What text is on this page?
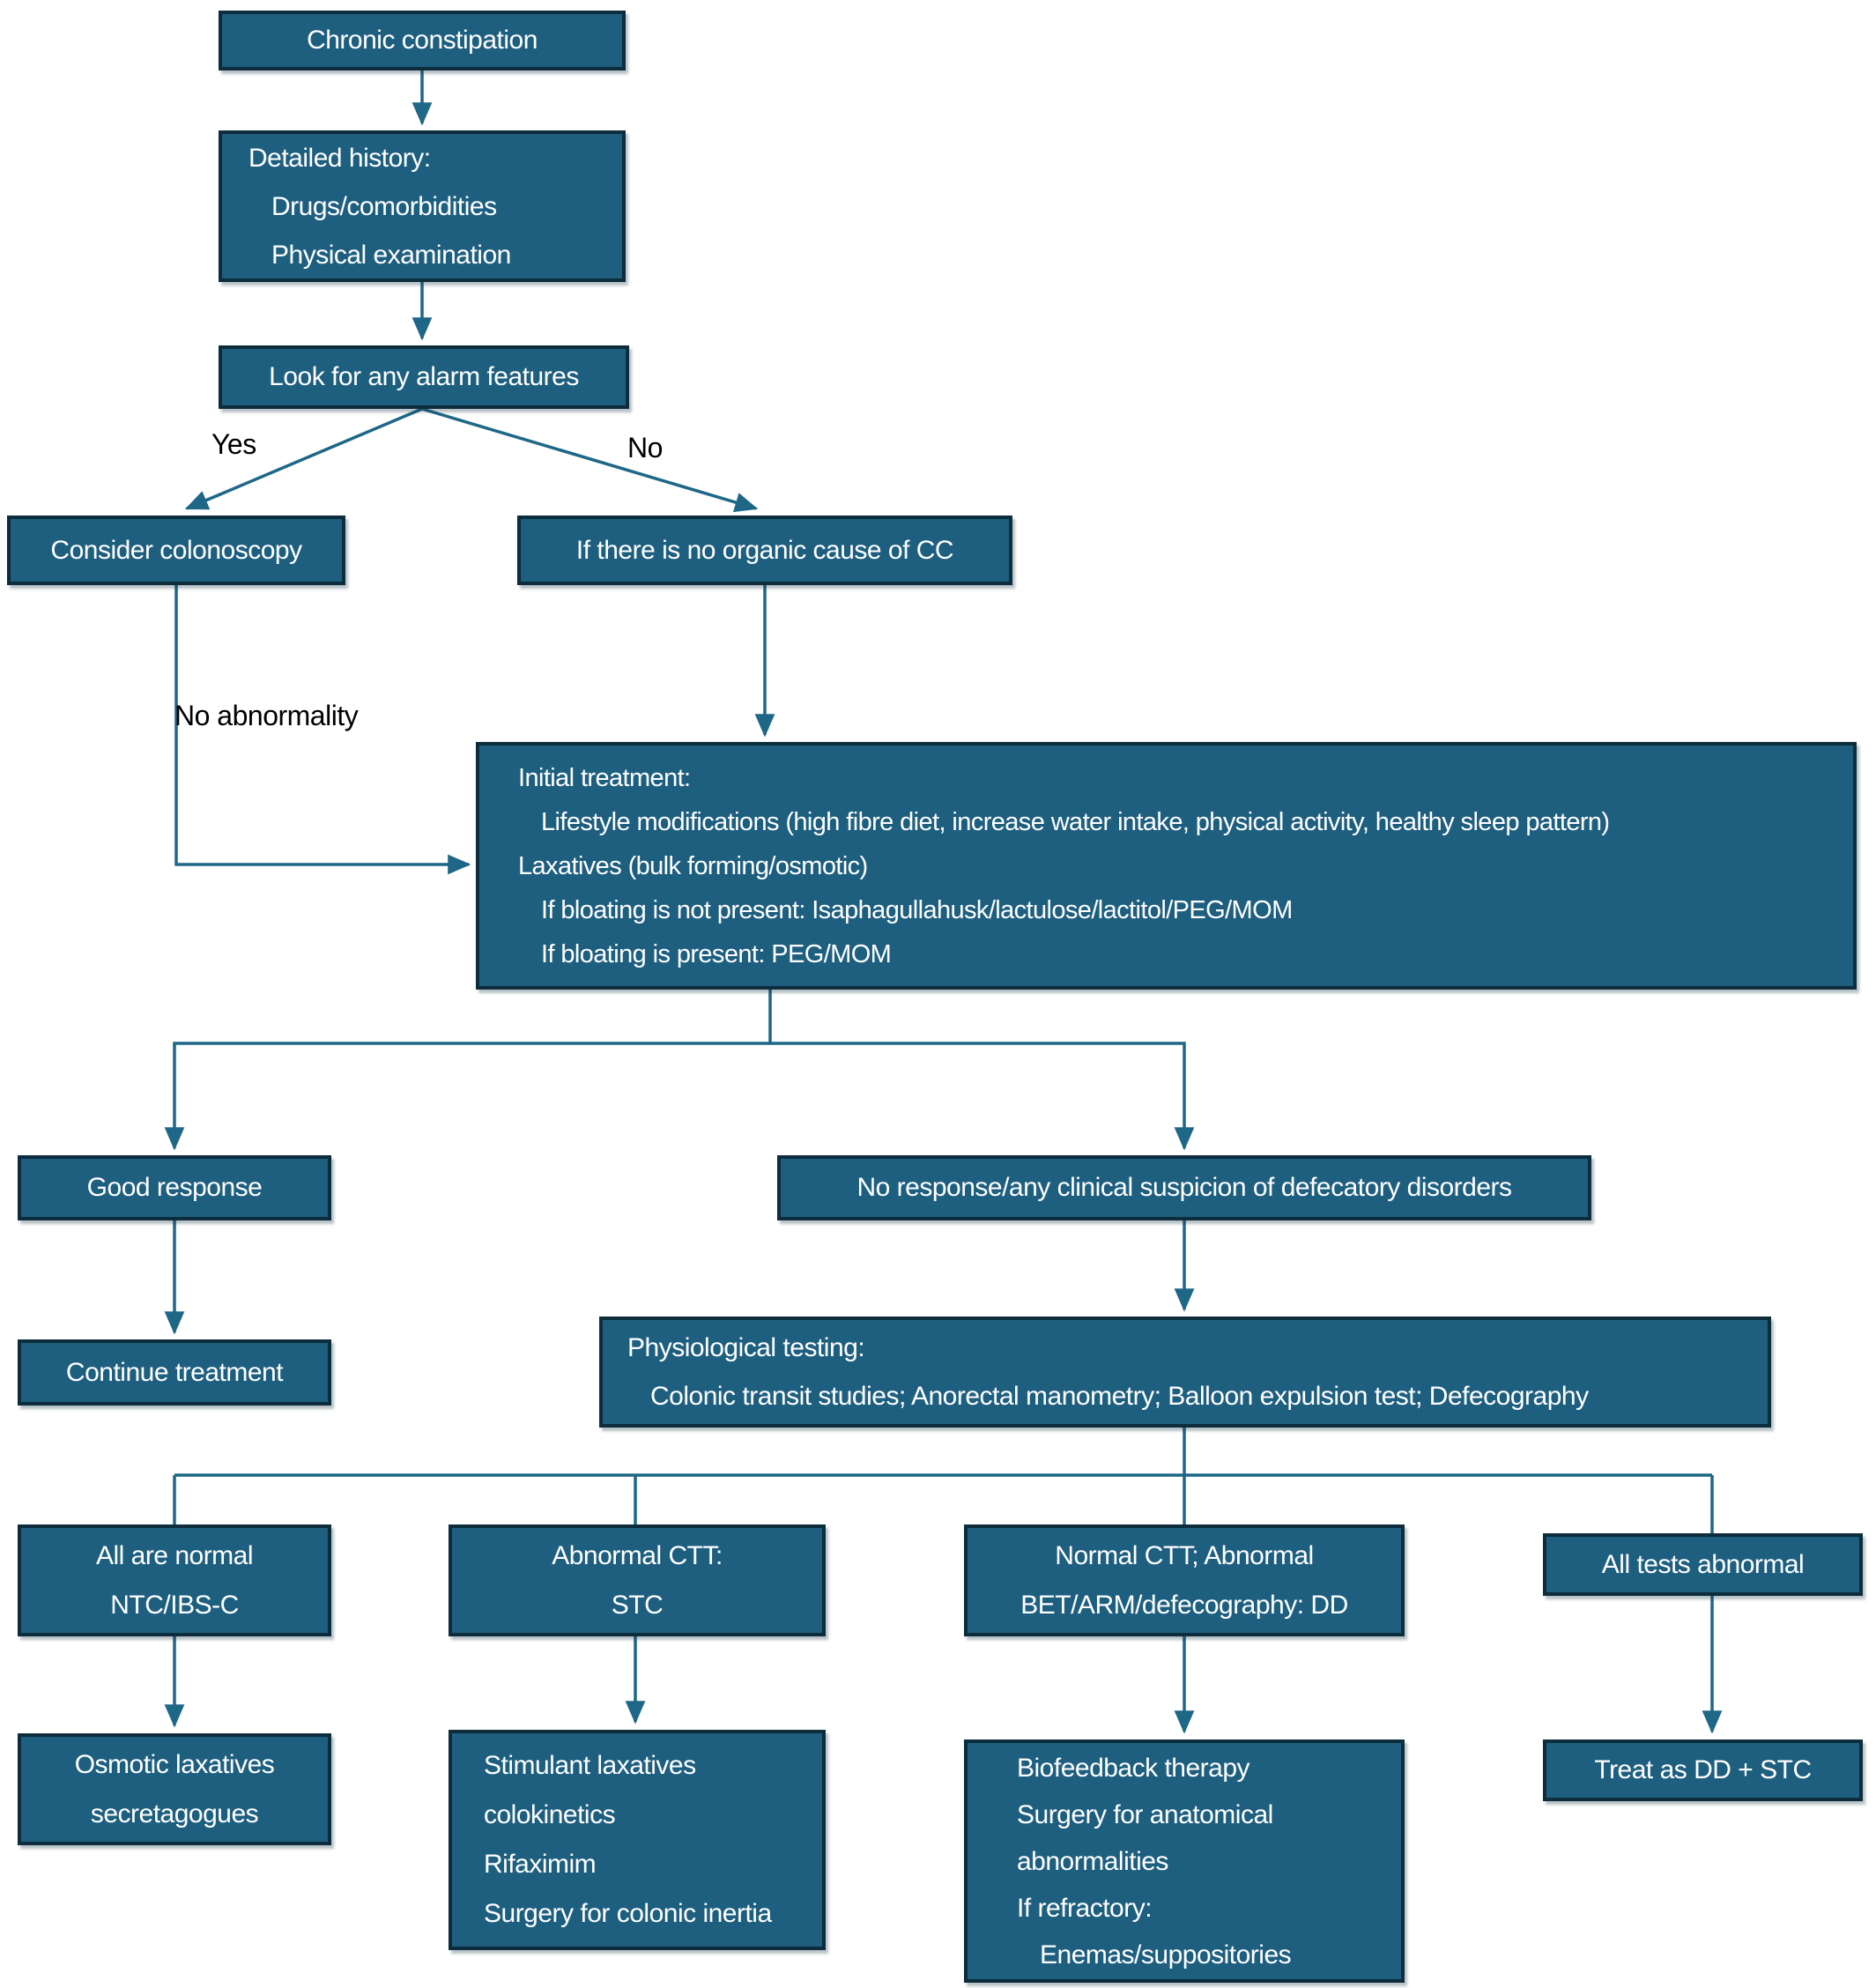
Chronic constipation
Detailed history:
Drugs/comorbidities
Physical examination
Look for any alarm features
Yes	No
No abnormality
Consider colonoscopy	If there is no organic cause of CC
Initial treatment:
Lifestyle modifications (high fibre diet, increase water intake, physical activity, healthy sleep pattern)
Laxatives (bulk forming/osmotic)
If bloating is not present: Isaphagullahusk/lactulose/lactitol/PEG/MOM
If bloating is present: PEG/MOM
Good response	No response/any clinical suspicion of defecatory disorders
Continue treatment
Physiological testing:
Colonic transit studies; Anorectal manometry; Balloon expulsion test; Defecography
All are normal
NTC/IBS-C
Abnormal CTT:
STC
Normal CTT; Abnormal
BET/ARM/defecography: DD
All tests abnormal
Osmotic laxatives
secretagogues
Stimulant laxatives
colokinetics
Rifaximim
Surgery for colonic inertia
Biofeedback therapy
Surgery for anatomical
abnormalities
If refractory:
Enemas/suppositories
Treat as DD + STC
